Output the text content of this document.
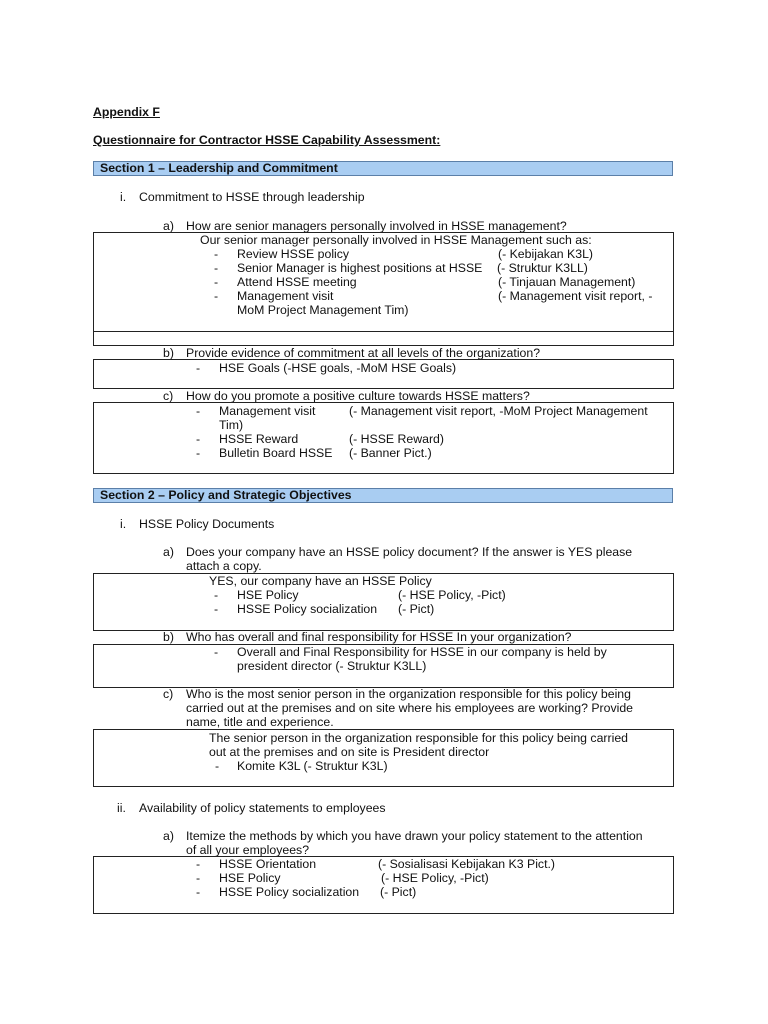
Appendix F
Questionnaire for Contractor HSSE Capability Assessment:
Section 1 – Leadership and Commitment
i. Commitment to HSSE through leadership
a) How are senior managers personally involved in HSSE management?
Our senior manager personally involved in HSSE Management such as:
- Review HSSE policy	(- Kebijakan K3L)
- Senior Manager is highest positions at HSSE (- Struktur K3LL)
- Attend HSSE meeting	(- Tinjauan Management)
- Management visit	(- Management visit report, -
MoM Project Management Tim)
b) Provide evidence of commitment at all levels of the organization?
- HSE Goals (-HSE goals, -MoM HSE Goals)
c) How do you promote a positive culture towards HSSE matters?
- Management visit	(- Management visit report, -MoM Project Management
Tim)
- HSSE Reward	(- HSSE Reward)
- Bulletin Board HSSE (- Banner Pict.)
Section 2 – Policy and Strategic Objectives
i. HSSE Policy Documents
a) Does your company have an HSSE policy document? If the answer is YES please
attach a copy.
YES, our company have an HSSE Policy
- HSE Policy	(- HSE Policy, -Pict)
- HSSE Policy socialization (- Pict)
b) Who has overall and final responsibility for HSSE In your organization?
- Overall and Final Responsibility for HSSE in our company is held by
president director (- Struktur K3LL)
c) Who is the most senior person in the organization responsible for this policy being
carried out at the premises and on site where his employees are working? Provide
name, title and experience.
The senior person in the organization responsible for this policy being carried
out at the premises and on site is President director
- Komite K3L (- Struktur K3L)
ii. Availability of policy statements to employees
a) Itemize the methods by which you have drawn your policy statement to the attention
of all your employees?
- HSSE Orientation	(- Sosialisasi Kebijakan K3 Pict.)
- HSE Policy	(- HSE Policy, -Pict)
- HSSE Policy socialization (- Pict)
